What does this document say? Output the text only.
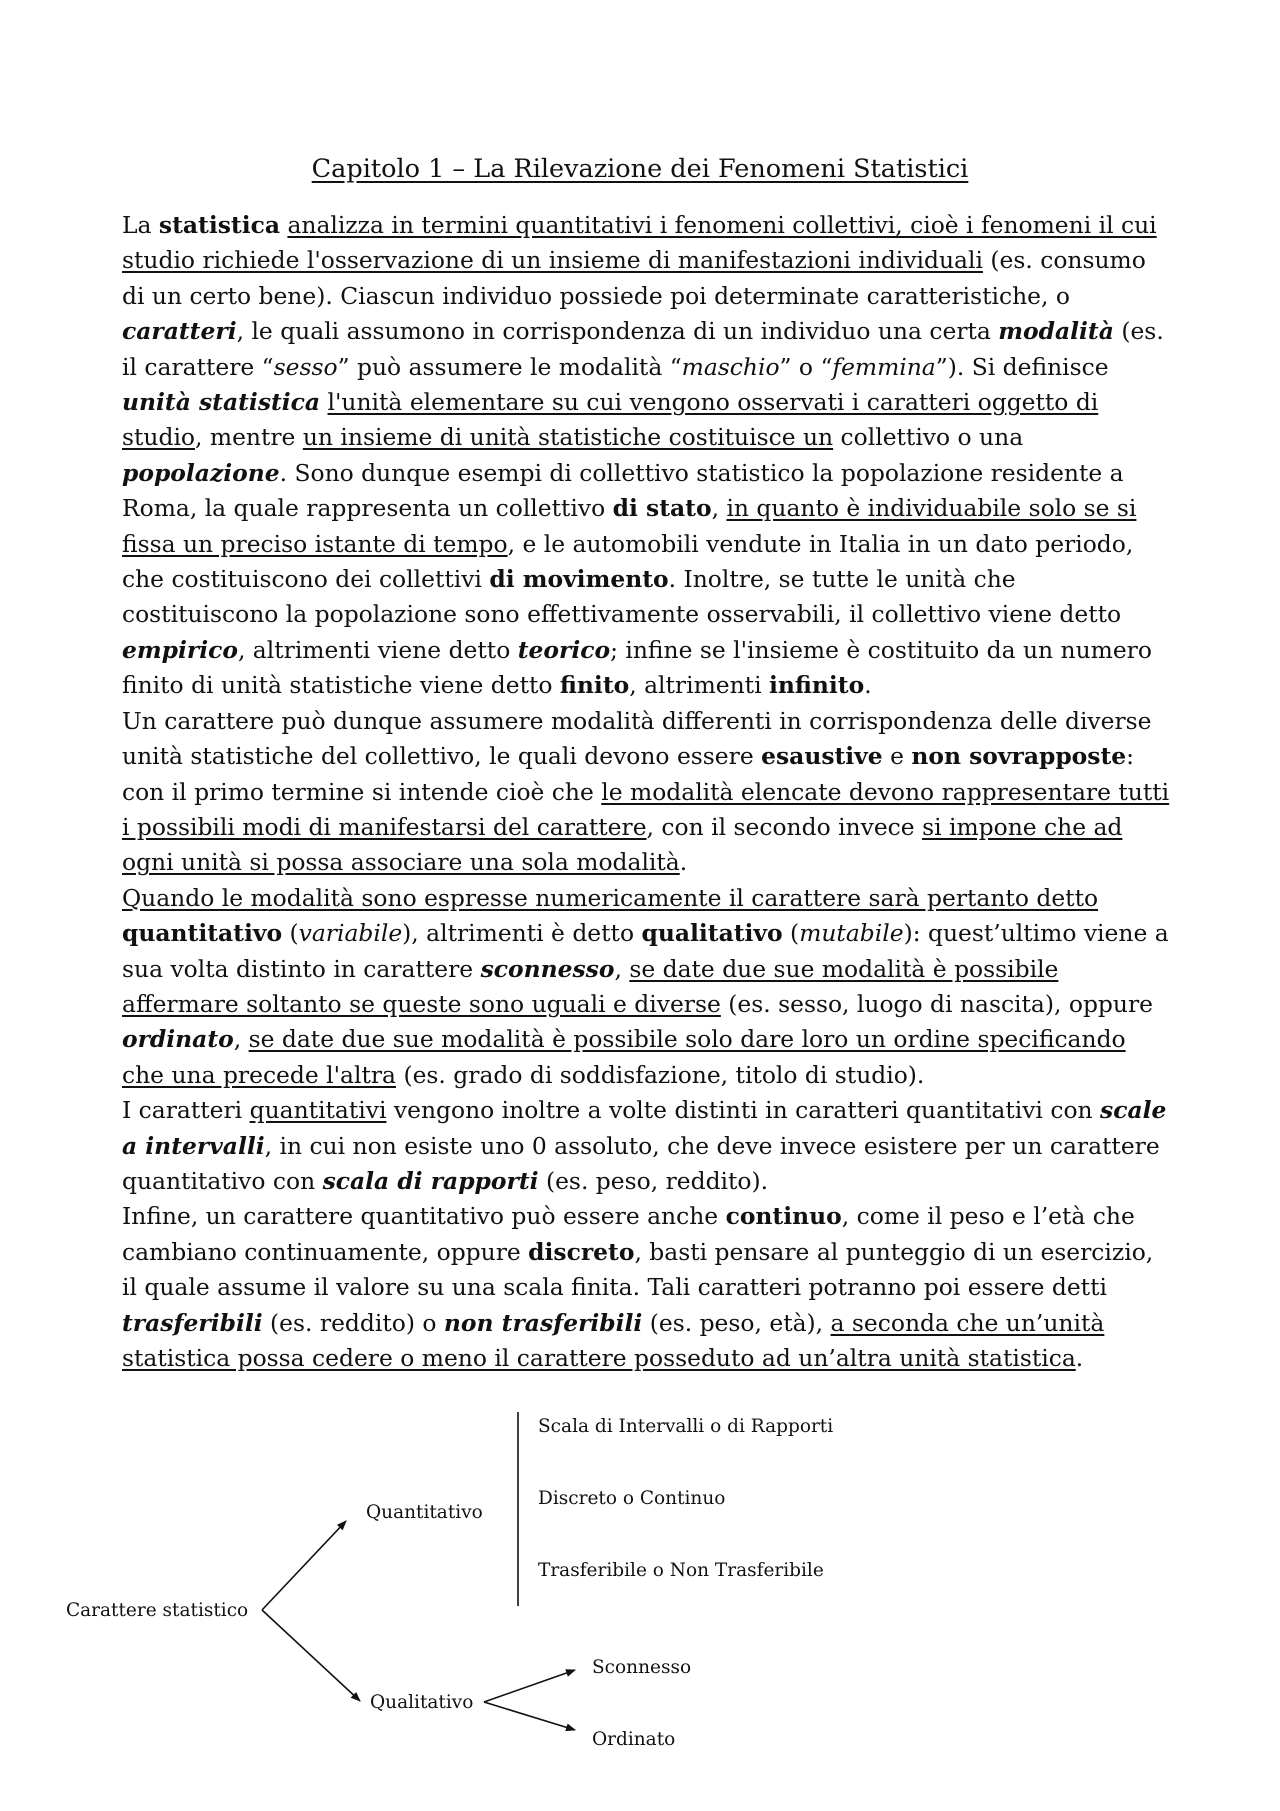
Capitolo 1 – La Rilevazione dei Fenomeni Statistici

La statistica analizza in termini quantitativi i fenomeni collettivi, cioè i fenomeni il cui studio richiede l'osservazione di un insieme di manifestazioni individuali (es. consumo di un certo bene). Ciascun individuo possiede poi determinate caratteristiche, o caratteri, le quali assumono in corrispondenza di un individuo una certa modalità (es. il carattere “sesso” può assumere le modalità “maschio” o “femmina”). Si definisce unità statistica l'unità elementare su cui vengono osservati i caratteri oggetto di studio, mentre un insieme di unità statistiche costituisce un collettivo o una popolazione. Sono dunque esempi di collettivo statistico la popolazione residente a Roma, la quale rappresenta un collettivo di stato, in quanto è individuabile solo se si fissa un preciso istante di tempo, e le automobili vendute in Italia in un dato periodo, che costituiscono dei collettivi di movimento. Inoltre, se tutte le unità che costituiscono la popolazione sono effettivamente osservabili, il collettivo viene detto empirico, altrimenti viene detto teorico; infine se l'insieme è costituito da un numero finito di unità statistiche viene detto finito, altrimenti infinito.

Un carattere può dunque assumere modalità differenti in corrispondenza delle diverse unità statistiche del collettivo, le quali devono essere esaustive e non sovrapposte: con il primo termine si intende cioè che le modalità elencate devono rappresentare tutti i possibili modi di manifestarsi del carattere, con il secondo invece si impone che ad ogni unità si possa associare una sola modalità.

Quando le modalità sono espresse numericamente il carattere sarà pertanto detto quantitativo (variabile), altrimenti è detto qualitativo (mutabile): quest’ultimo viene a sua volta distinto in carattere sconnesso, se date due sue modalità è possibile affermare soltanto se queste sono uguali e diverse (es. sesso, luogo di nascita), oppure ordinato, se date due sue modalità è possibile solo dare loro un ordine specificando che una precede l'altra (es. grado di soddisfazione, titolo di studio).

I caratteri quantitativi vengono inoltre a volte distinti in caratteri quantitativi con scale a intervalli, in cui non esiste uno 0 assoluto, che deve invece esistere per un carattere quantitativo con scala di rapporti (es. peso, reddito).

Infine, un carattere quantitativo può essere anche continuo, come il peso e l’età che cambiano continuamente, oppure discreto, basti pensare al punteggio di un esercizio, il quale assume il valore su una scala finita. Tali caratteri potranno poi essere detti trasferibili (es. reddito) o non trasferibili (es. peso, età), a seconda che un’unità statistica possa cedere o meno il carattere posseduto ad un’altra unità statistica.

Carattere statistico
Quantitativo
Qualitativo
Scala di Intervalli o di Rapporti
Discreto o Continuo
Trasferibile o Non Trasferibile
Sconnesso
Ordinato
